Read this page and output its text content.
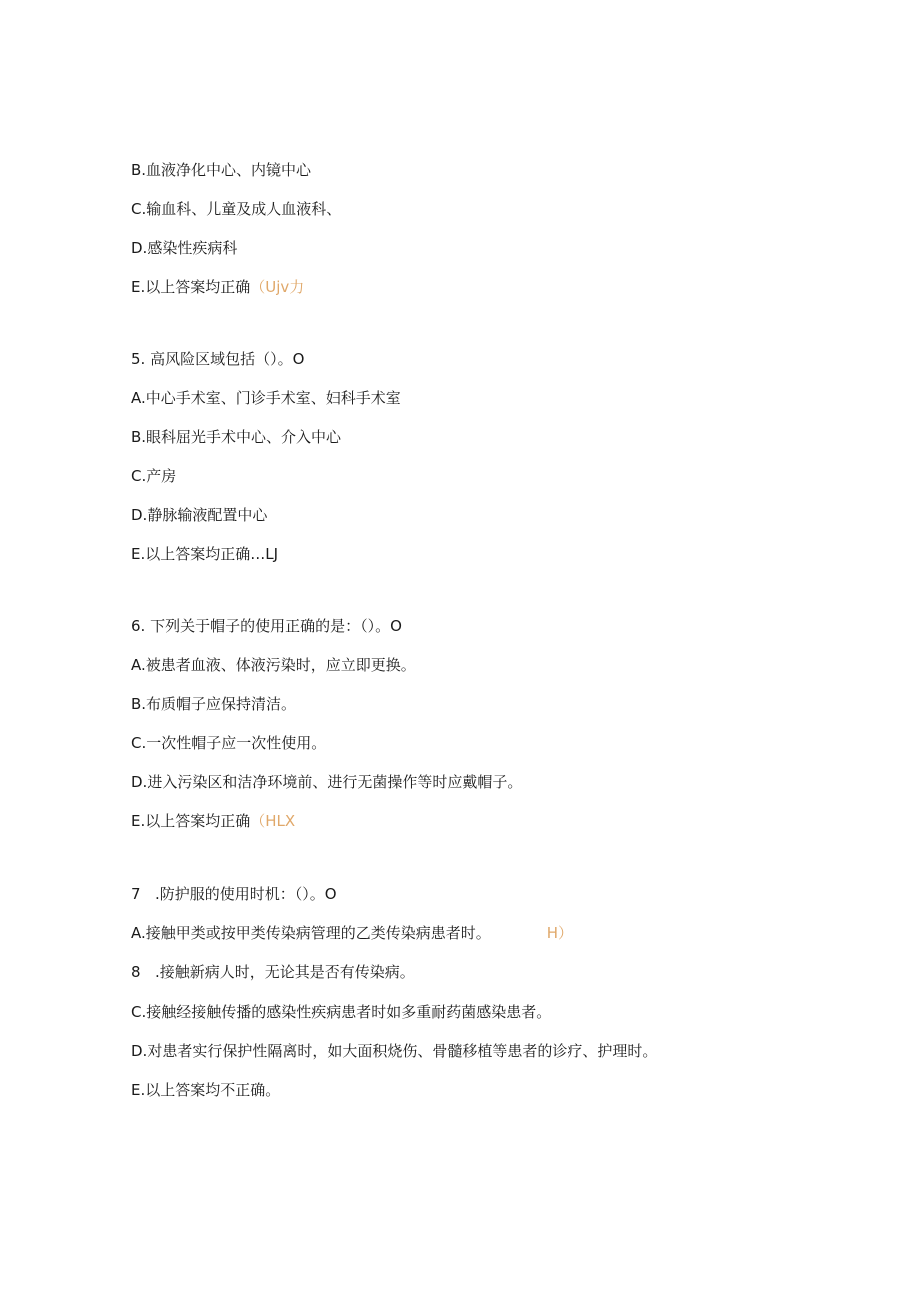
B.血液净化中心、内镜中心
C.输血科、儿童及成人血液科、
D.感染性疾病科
E.以上答案均正确（Ujv力
5. 高风险区域包括（）。O
A.中心手术室、门诊手术室、妇科手术室
B.眼科屈光手术中心、介入中心
C.产房
D.静脉输液配置中心
E.以上答案均正确…LJ
6. 下列关于帽子的使用正确的是：（）。O
A.被患者血液、体液污染时，应立即更换。
B.布质帽子应保持清洁。
C.一次性帽子应一次性使用。
D.进入污染区和洁净环境前、进行无菌操作等时应戴帽子。
E.以上答案均正确（HLX
7 .防护服的使用时机：（）。O
A.接触甲类或按甲类传染病管理的乙类传染病患者时。	H）
8 .接触新病人时，无论其是否有传染病。
C.接触经接触传播的感染性疾病患者时如多重耐药菌感染患者。
D.对患者实行保护性隔离时，如大面积烧伤、骨髓移植等患者的诊疗、护理时。
E.以上答案均不正确。
